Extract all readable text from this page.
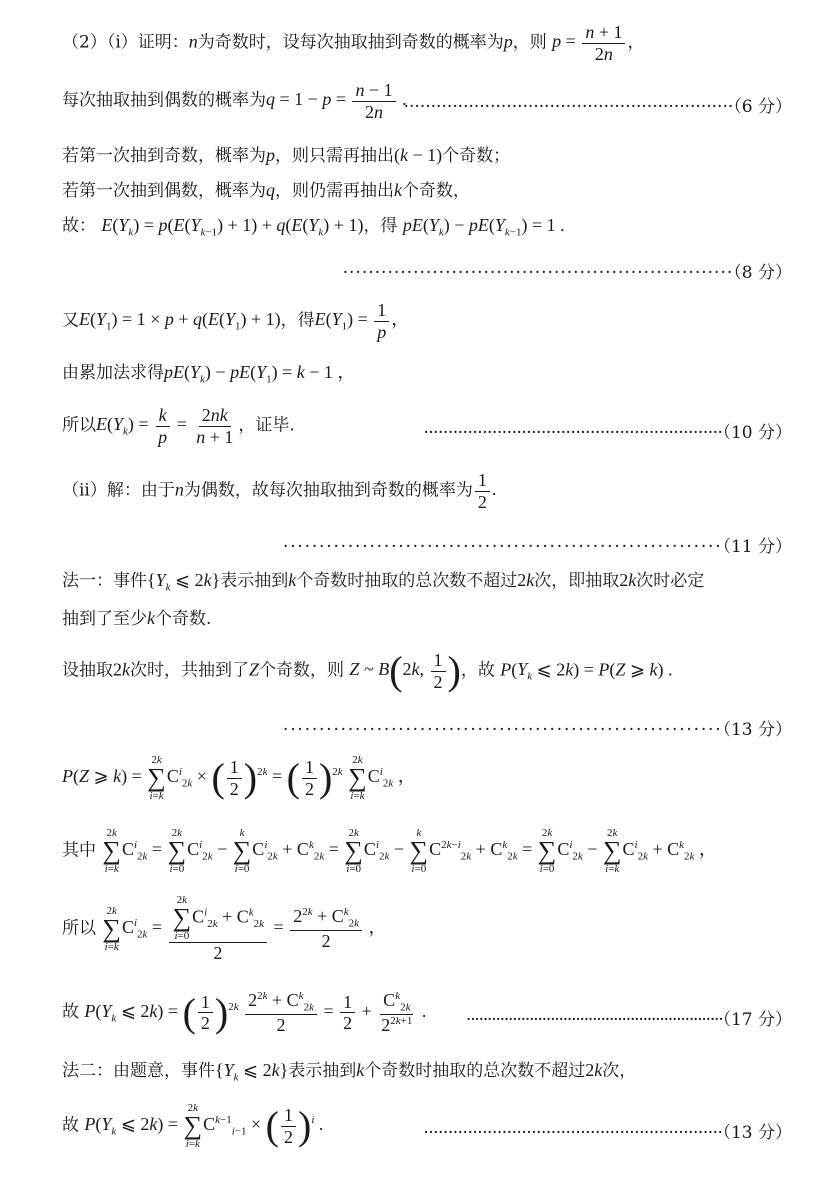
（2）（i）证明：n为奇数时，设每次抽取抽到奇数的概率为p，则 $p = \frac{n + 1}{2n}$ ，
每次抽取抽到偶数的概率为$q = 1 - p = \frac{n - 1}{2n}$ .
·····························································（6 分）
若第一次抽到奇数，概率为p，则只需再抽出(k − 1)个奇数；
若第一次抽到偶数，概率为q，则仍需再抽出k个奇数，
故： $E(Y_k) = p(E(Y_{k-1}) + 1) + q(E(Y_k) + 1)$，得 $pE(Y_k) - pE(Y_{k-1}) = 1$ .
·····························································（8 分）
又$E(Y_1) = 1 \times p + q(E(Y_1) + 1)$，得$E(Y_1) = \frac{1}{p}$ ，
由累加法求得$pE(Y_k) - pE(Y_1) = k - 1$ ，
所以$E(Y_k) = \frac{k}{p} = \frac{2nk}{n + 1}$ ，证毕.	·····························································（10 分）
（ii）解：由于n为偶数，故每次抽取抽到奇数的概率为 $\frac{1}{2}$ .
·····························································（11 分）
法一：事件{$Y_k$ ⩽ 2k}表示抽到k个奇数时抽取的总次数不超过2k次，即抽取2k次时必定
抽到了至少k个奇数.
设抽取2k次时，共抽到了Z个奇数，则 Z ~ B(2k, $\frac{1}{2}$ )，故 $P(Y_k$ ⩽ 2k) = P(Z ⩾ k) .
·····························································（13 分）
P(Z ⩾ k) =
2k
∑
i=k
$C^i_{2k}$ × ( $\frac{1}{2} )^{2k}$ = ( $\frac{1}{2} )^{2k}$
2k
∑
i=k
$C^i_{2k}$ ，
其中
2k
∑
i=k
$C^i_{2k}$ =
2k
∑
i=0
$C^i_{2k}$ −
k
∑
i=0
$C^i_{2k} + C^k_{2k}$ =
2k
∑
i=0
$C^i_{2k}$ −
k
∑
i=0
$C^{2k-i}_{2k} + C^k_{2k}$ =
2k
∑
i=0
$C^i_{2k}$ −
2k
∑
i=k
$C^i_{2k} + C^k_{2k}$ ，
所以
2k
∑
i=k
$C^i_{2k} = 2k$
∑
i=0
$C^i_{2k} + C^k_{2k}$
$2 = \frac{2^{2k} + C^k_{2k}}{2}$ ，
故 $P(Y_k$ ⩽ 2k) = ( $\frac{1}{2} )^{2k} \frac{2^{2k} + C^k_{2k}}{2} = \frac{1}{2} + \frac{C^k_{2k}}{2^{2k+1}}$ .	·····························································（17 分）
法二：由题意，事件{$Y_k$ ⩽ 2k}表示抽到k个奇数时抽取的总次数不超过2k次，
故 $P(Y_k$ ⩽ 2k) =
2k
∑
i=k
$C^{k-1}_{i-1}$ × ( $\frac{1}{2} )^i$ .	·····························································（13 分）
